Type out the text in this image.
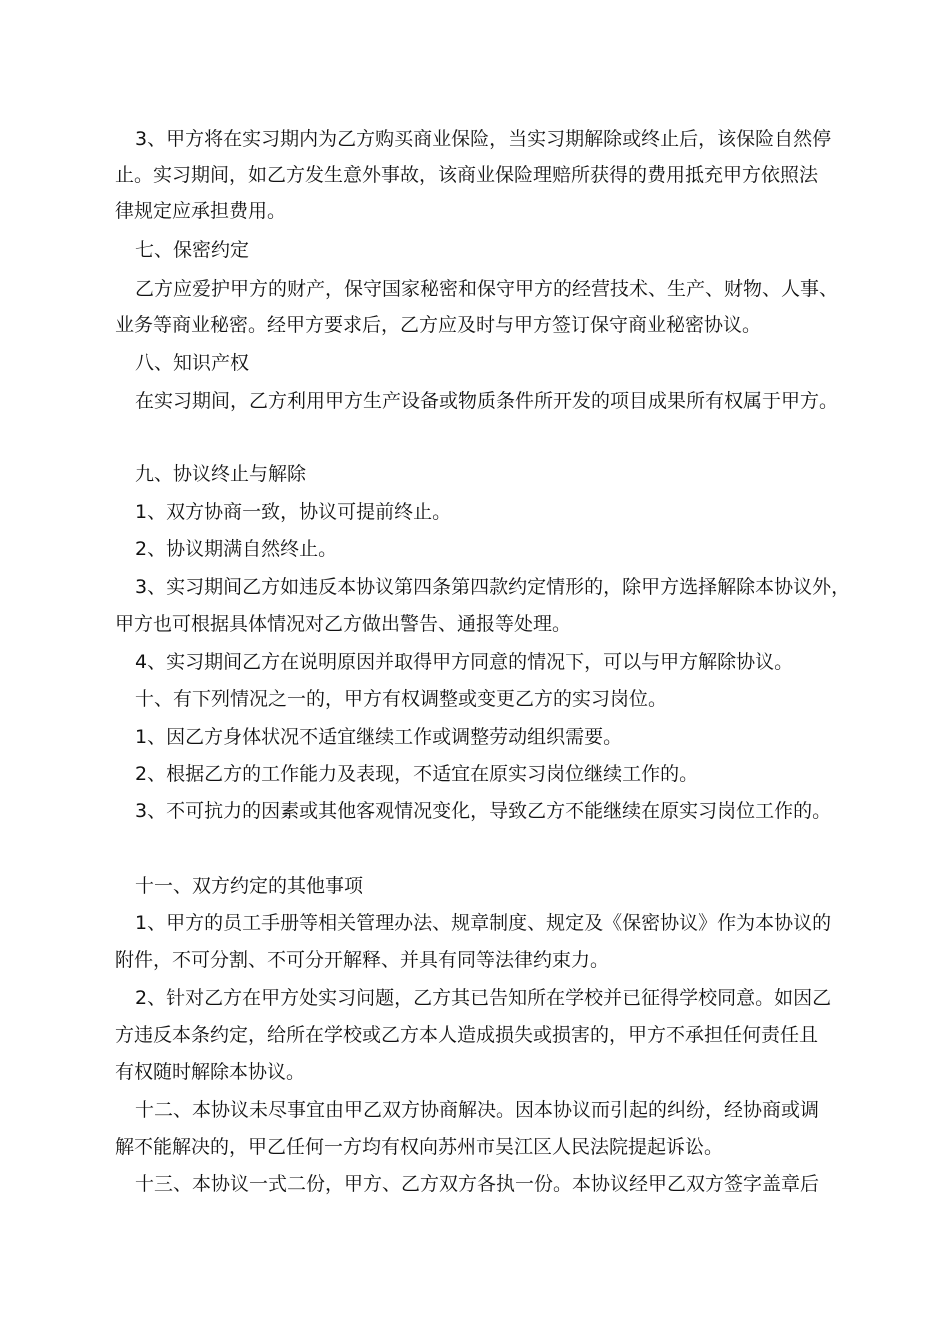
3、甲方将在实习期内为乙方购买商业保险，当实习期解除或终止后，该保险自然停
止。实习期间，如乙方发生意外事故，该商业保险理赔所获得的费用抵充甲方依照法
律规定应承担费用。
七、保密约定
乙方应爱护甲方的财产，保守国家秘密和保守甲方的经营技术、生产、财物、人事、
业务等商业秘密。经甲方要求后，乙方应及时与甲方签订保守商业秘密协议。
八、知识产权
在实习期间，乙方利用甲方生产设备或物质条件所开发的项目成果所有权属于甲方。
九、协议终止与解除
1、双方协商一致，协议可提前终止。
2、协议期满自然终止。
3、实习期间乙方如违反本协议第四条第四款约定情形的，除甲方选择解除本协议外，
甲方也可根据具体情况对乙方做出警告、通报等处理。
4、实习期间乙方在说明原因并取得甲方同意的情况下，可以与甲方解除协议。
十、有下列情况之一的，甲方有权调整或变更乙方的实习岗位。
1、因乙方身体状况不适宜继续工作或调整劳动组织需要。
2、根据乙方的工作能力及表现，不适宜在原实习岗位继续工作的。
3、不可抗力的因素或其他客观情况变化，导致乙方不能继续在原实习岗位工作的。
十一、双方约定的其他事项
1、甲方的员工手册等相关管理办法、规章制度、规定及《保密协议》作为本协议的
附件，不可分割、不可分开解释、并具有同等法律约束力。
2、针对乙方在甲方处实习问题，乙方其已告知所在学校并已征得学校同意。如因乙
方违反本条约定，给所在学校或乙方本人造成损失或损害的，甲方不承担任何责任且
有权随时解除本协议。
十二、本协议未尽事宜由甲乙双方协商解决。因本协议而引起的纠纷，经协商或调
解不能解决的，甲乙任何一方均有权向苏州市吴江区人民法院提起诉讼。
十三、本协议一式二份，甲方、乙方双方各执一份。本协议经甲乙双方签字盖章后
